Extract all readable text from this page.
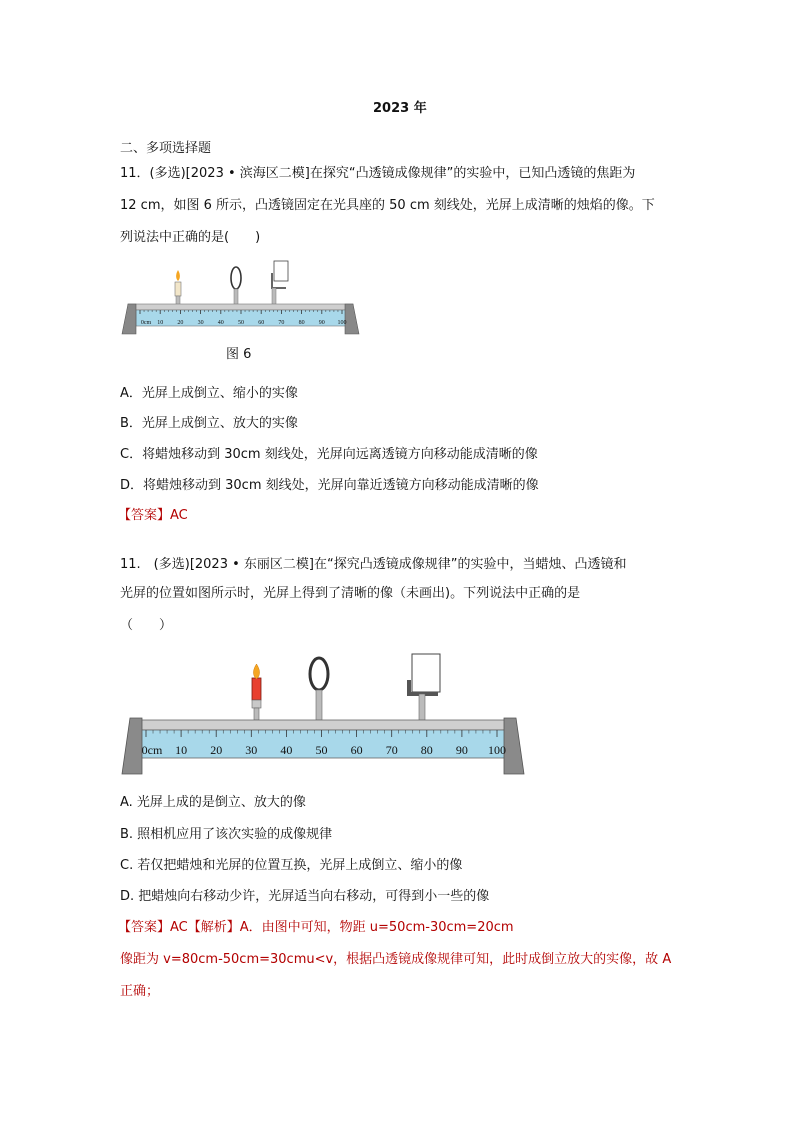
2023 年
二、多项选择题
11．(多选)[2023 • 滨海区二模]在探究“凸透镜成像规律”的实验中，已知凸透镜的焦距为
12 cm，如图 6 所示，凸透镜固定在光具座的 50 cm 刻线处，光屏上成清晰的烛焰的像。下
列说法中正确的是(　　)
0cm 10 20 30 40 50 60 70 80 90 100
图 6
A．光屏上成倒立、缩小的实像
B．光屏上成倒立、放大的实像
C．将蜡烛移动到 30cm 刻线处，光屏向远离透镜方向移动能成清晰的像
D．将蜡烛移动到 30cm 刻线处，光屏向靠近透镜方向移动能成清晰的像
【答案】AC
11.　(多选)[2023 • 东丽区二模]在“探究凸透镜成像规律”的实验中，当蜡烛、凸透镜和
光屏的位置如图所示时，光屏上得到了清晰的像（未画出)。下列说法中正确的是
（　　）
0cm 10 20 30 40 50 60 70 80 90 100
A. 光屏上成的是倒立、放大的像
B. 照相机应用了该次实验的成像规律
C. 若仅把蜡烛和光屏的位置互换，光屏上成倒立、缩小的像
D. 把蜡烛向右移动少许，光屏适当向右移动，可得到小一些的像
【答案】AC【解析】A．由图中可知，物距 u=50cm-30cm=20cm
像距为 v=80cm-50cm=30cmu<v，根据凸透镜成像规律可知，此时成倒立放大的实像，故 A
正确；
